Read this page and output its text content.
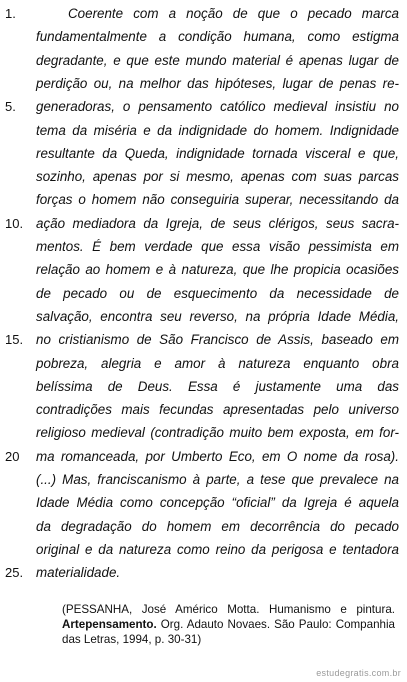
1.	Coerente com a noção de que o pecado marca
fundamentalmente a condição humana, como estigma
degradante, e que este mundo material é apenas lugar de
perdição ou, na melhor das hipóteses, lugar de penas re-
5. generadoras, o pensamento católico medieval insistiu no
tema da miséria e da indignidade do homem. Indignidade
resultante da Queda, indignidade tornada visceral e que,
sozinho, apenas por si mesmo, apenas com suas parcas
forças o homem não conseguiria superar, necessitando da
10. ação mediadora da Igreja, de seus clérigos, seus sacra-
mentos. É bem verdade que essa visão pessimista em
relação ao homem e à natureza, que lhe propicia ocasiões
de pecado ou de esquecimento da necessidade de
salvação, encontra seu reverso, na própria Idade Média,
15. no cristianismo de São Francisco de Assis, baseado em
pobreza, alegria e amor à natureza enquanto obra
belíssima de Deus. Essa é justamente uma das
contradições mais fecundas apresentadas pelo universo
religioso medieval (contradição muito bem exposta, em for-
20 ma romanceada, por Umberto Eco, em O nome da rosa).
(...) Mas, franciscanismo à parte, a tese que prevalece na
Idade Média como concepção “oficial” da Igreja é aquela
da degradação do homem em decorrência do pecado
original e da natureza como reino da perigosa e tentadora
25. materialidade.
(PESSANHA, José Américo Motta. Humanismo e pintura. Artepensamento. Org. Adauto Novaes. São Paulo: Companhia das Letras, 1994, p. 30-31)
estudegratis.com.br
